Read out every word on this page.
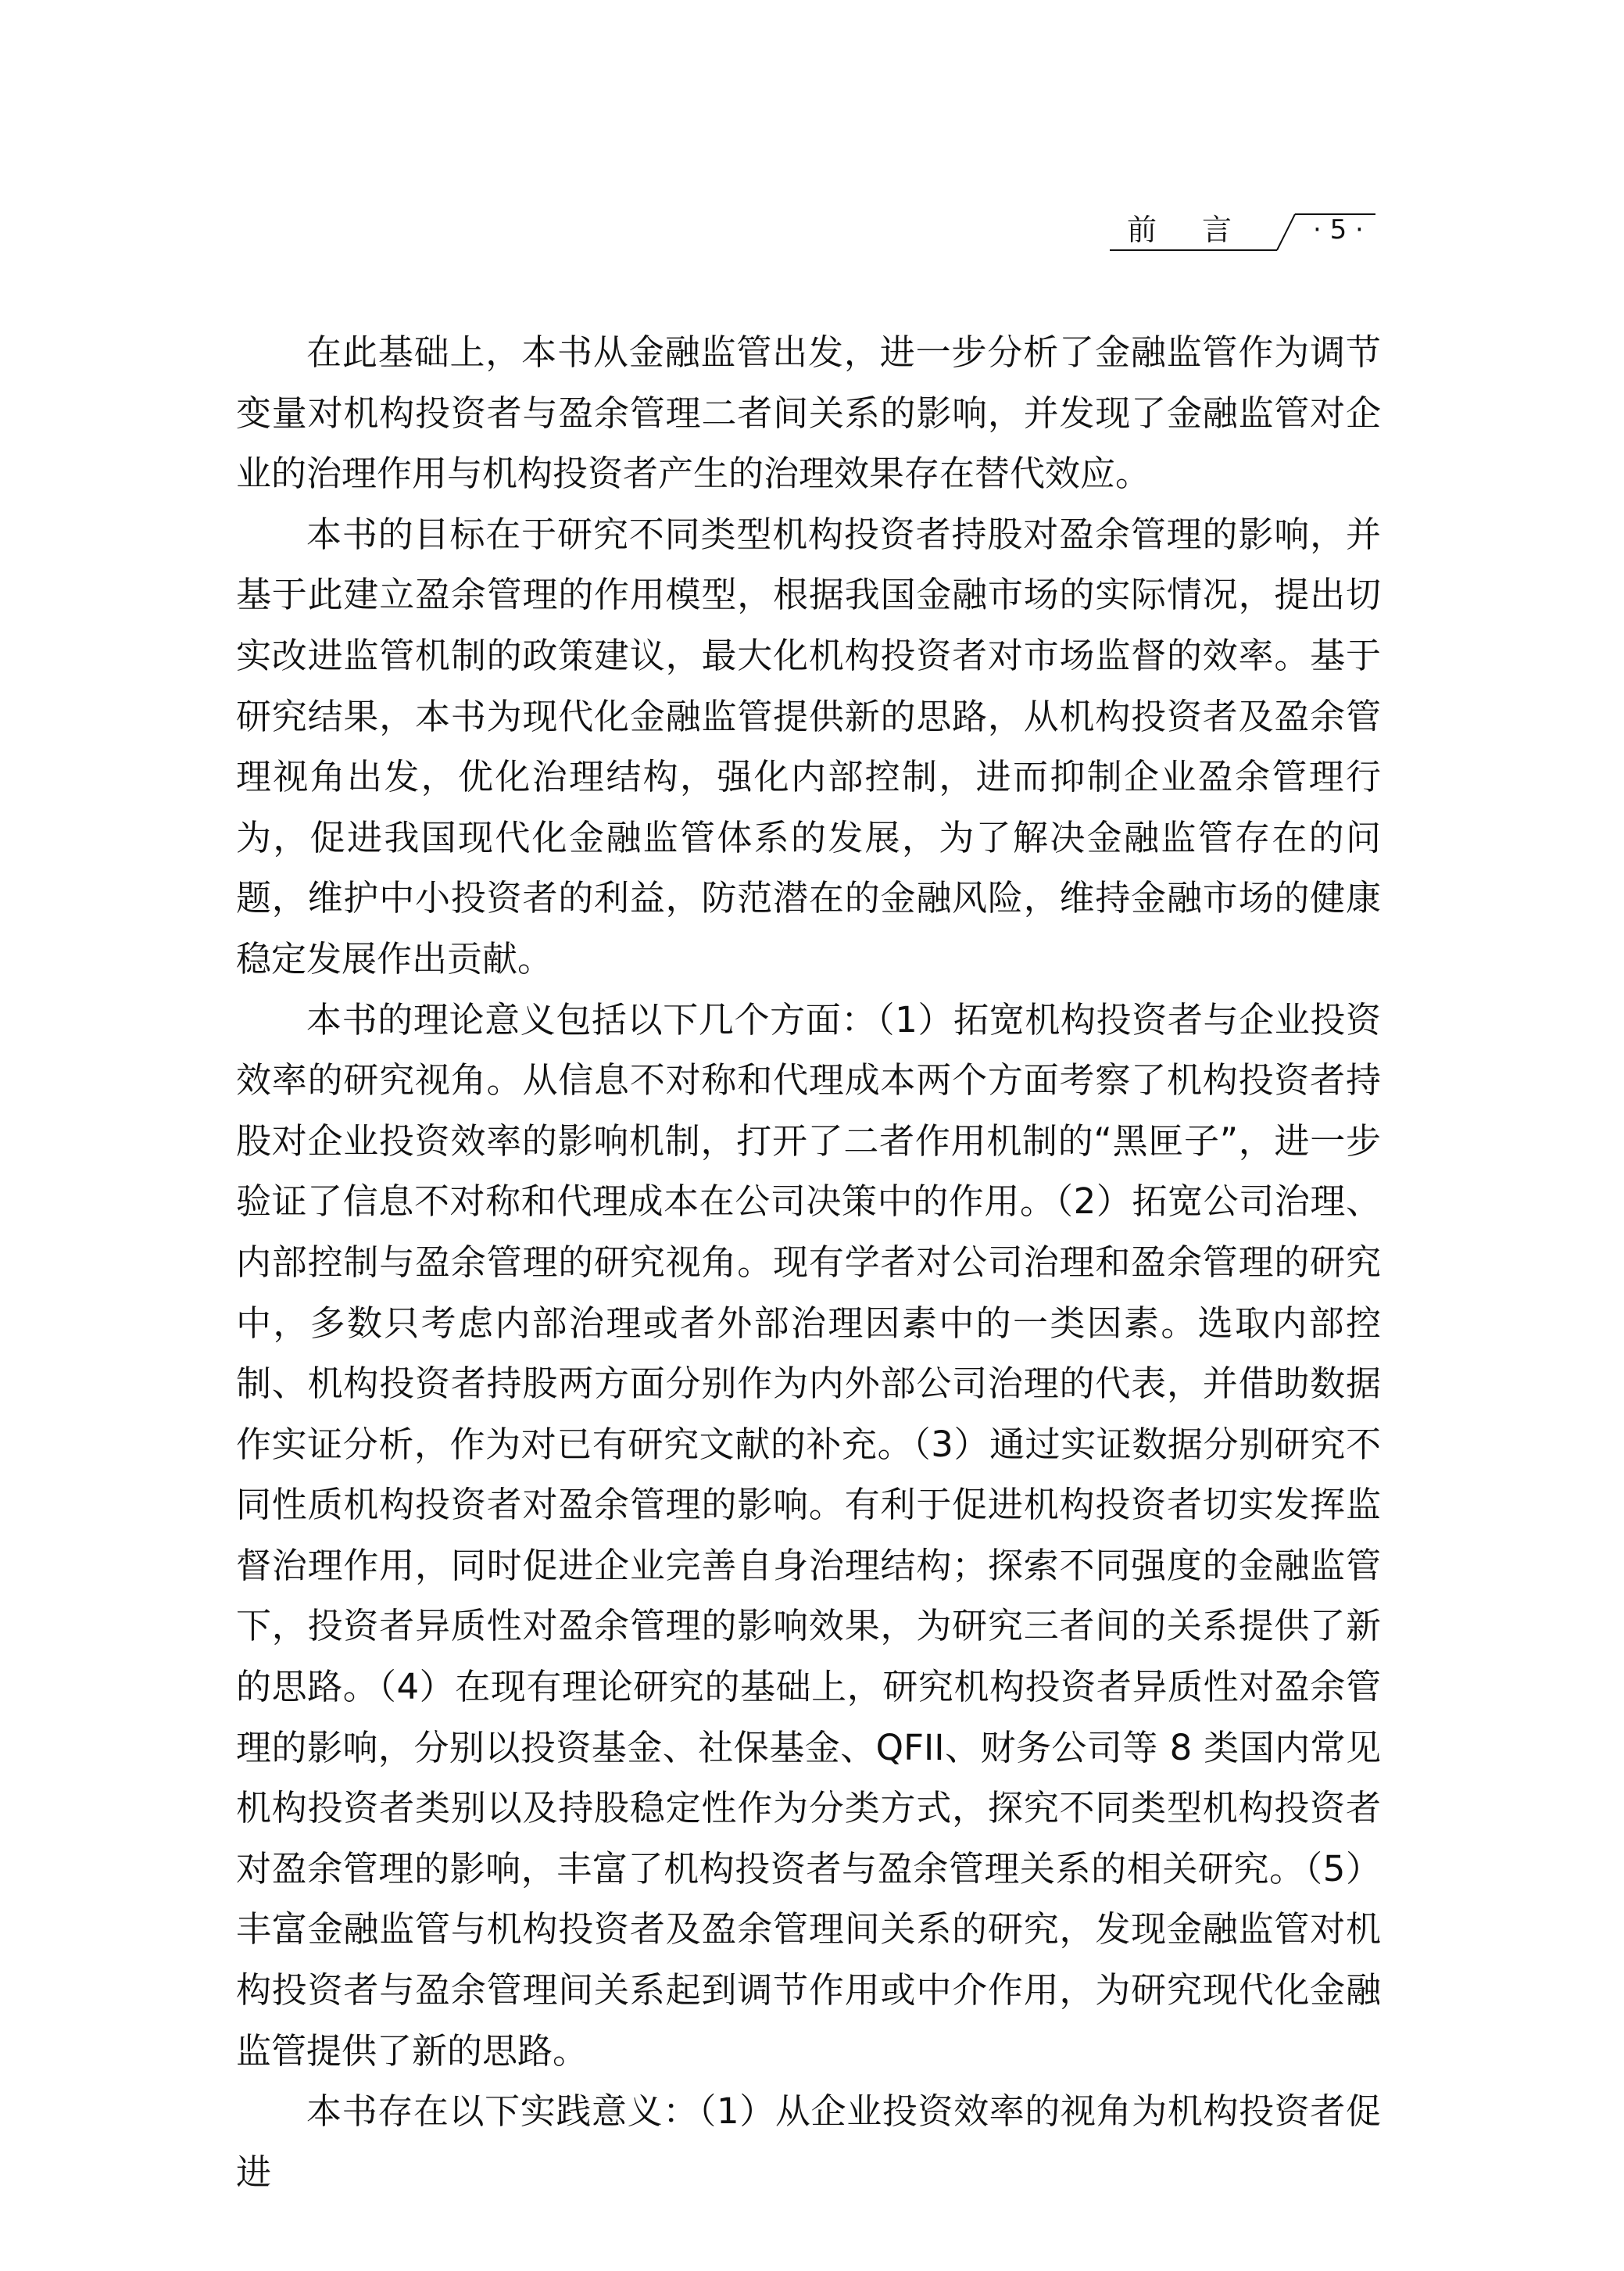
前言 · 5 ·

在此基础上，本书从金融监管出发，进一步分析了金融监管作为调节变量对机构投资者与盈余管理二者间关系的影响，并发现了金融监管对企业的治理作用与机构投资者产生的治理效果存在替代效应。

本书的目标在于研究不同类型机构投资者持股对盈余管理的影响，并基于此建立盈余管理的作用模型，根据我国金融市场的实际情况，提出切实改进监管机制的政策建议，最大化机构投资者对市场监督的效率。基于研究结果，本书为现代化金融监管提供新的思路，从机构投资者及盈余管理视角出发，优化治理结构，强化内部控制，进而抑制企业盈余管理行为，促进我国现代化金融监管体系的发展，为了解决金融监管存在的问题，维护中小投资者的利益，防范潜在的金融风险，维持金融市场的健康稳定发展作出贡献。

本书的理论意义包括以下几个方面：（1）拓宽机构投资者与企业投资效率的研究视角。从信息不对称和代理成本两个方面考察了机构投资者持股对企业投资效率的影响机制，打开了二者作用机制的“黑匣子”，进一步验证了信息不对称和代理成本在公司决策中的作用。（2）拓宽公司治理、内部控制与盈余管理的研究视角。现有学者对公司治理和盈余管理的研究中，多数只考虑内部治理或者外部治理因素中的一类因素。选取内部控制、机构投资者持股两方面分别作为内外部公司治理的代表，并借助数据作实证分析，作为对已有研究文献的补充。（3）通过实证数据分别研究不同性质机构投资者对盈余管理的影响。有利于促进机构投资者切实发挥监督治理作用，同时促进企业完善自身治理结构；探索不同强度的金融监管下，投资者异质性对盈余管理的影响效果，为研究三者间的关系提供了新的思路。（4）在现有理论研究的基础上，研究机构投资者异质性对盈余管理的影响，分别以投资基金、社保基金、QFII、财务公司等 8 类国内常见机构投资者类别以及持股稳定性作为分类方式，探究不同类型机构投资者对盈余管理的影响，丰富了机构投资者与盈余管理关系的相关研究。（5）丰富金融监管与机构投资者及盈余管理间关系的研究，发现金融监管对机构投资者与盈余管理间关系起到调节作用或中介作用，为研究现代化金融监管提供了新的思路。

本书存在以下实践意义：（1）从企业投资效率的视角为机构投资者促进
